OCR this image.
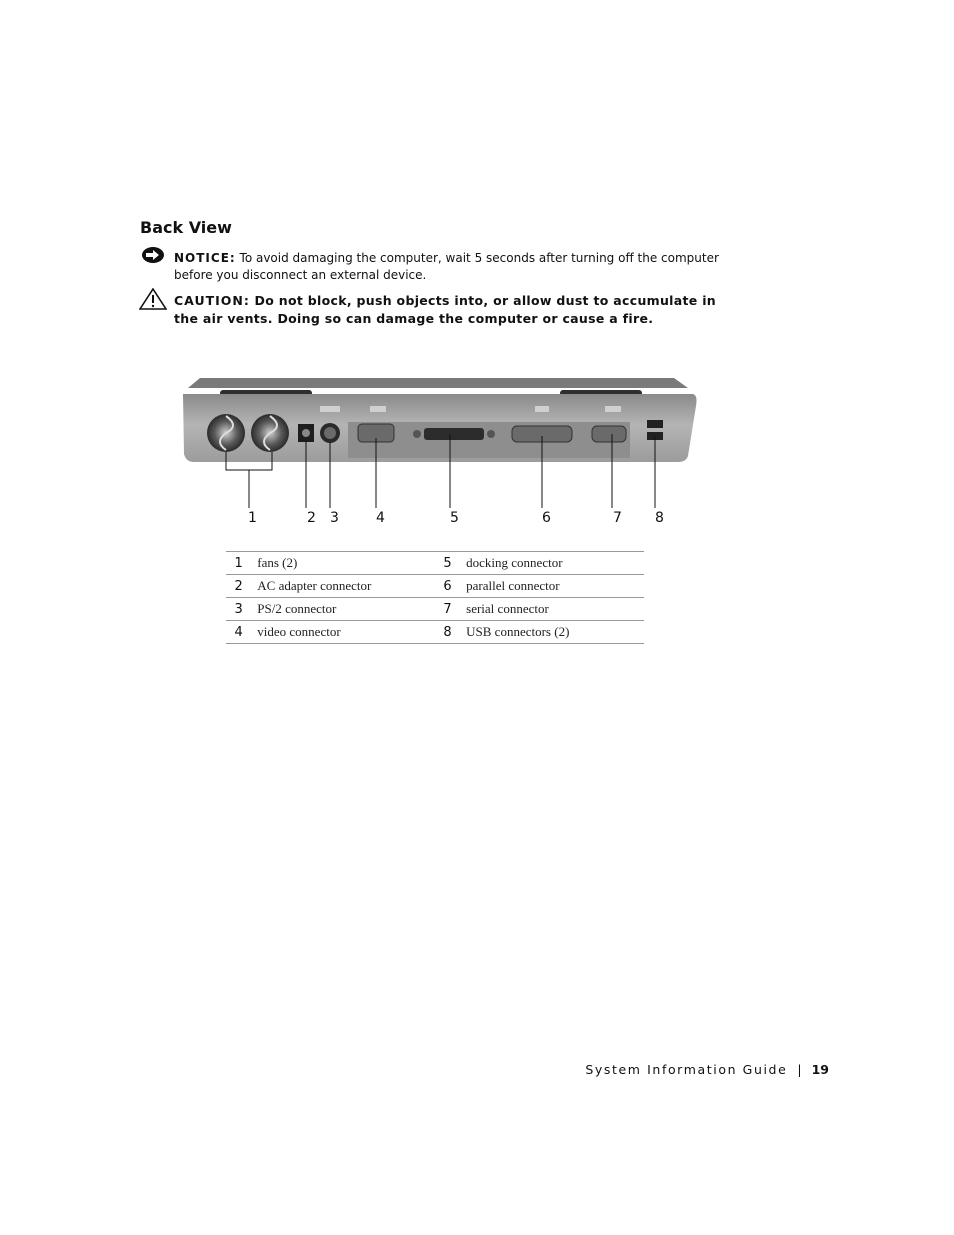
Back View
NOTICE: To avoid damaging the computer, wait 5 seconds after turning off the computer before you disconnect an external device.
CAUTION: Do not block, push objects into, or allow dust to accumulate in the air vents. Doing so can damage the computer or cause a fire.
1	2 3	4	5	6	7 8
1	fans (2)	5	docking connector
2	AC adapter connector	6	parallel connector
3	PS/2 connector	7	serial connector
4	video connector	8	USB connectors (2)
System Information Guide | 19
